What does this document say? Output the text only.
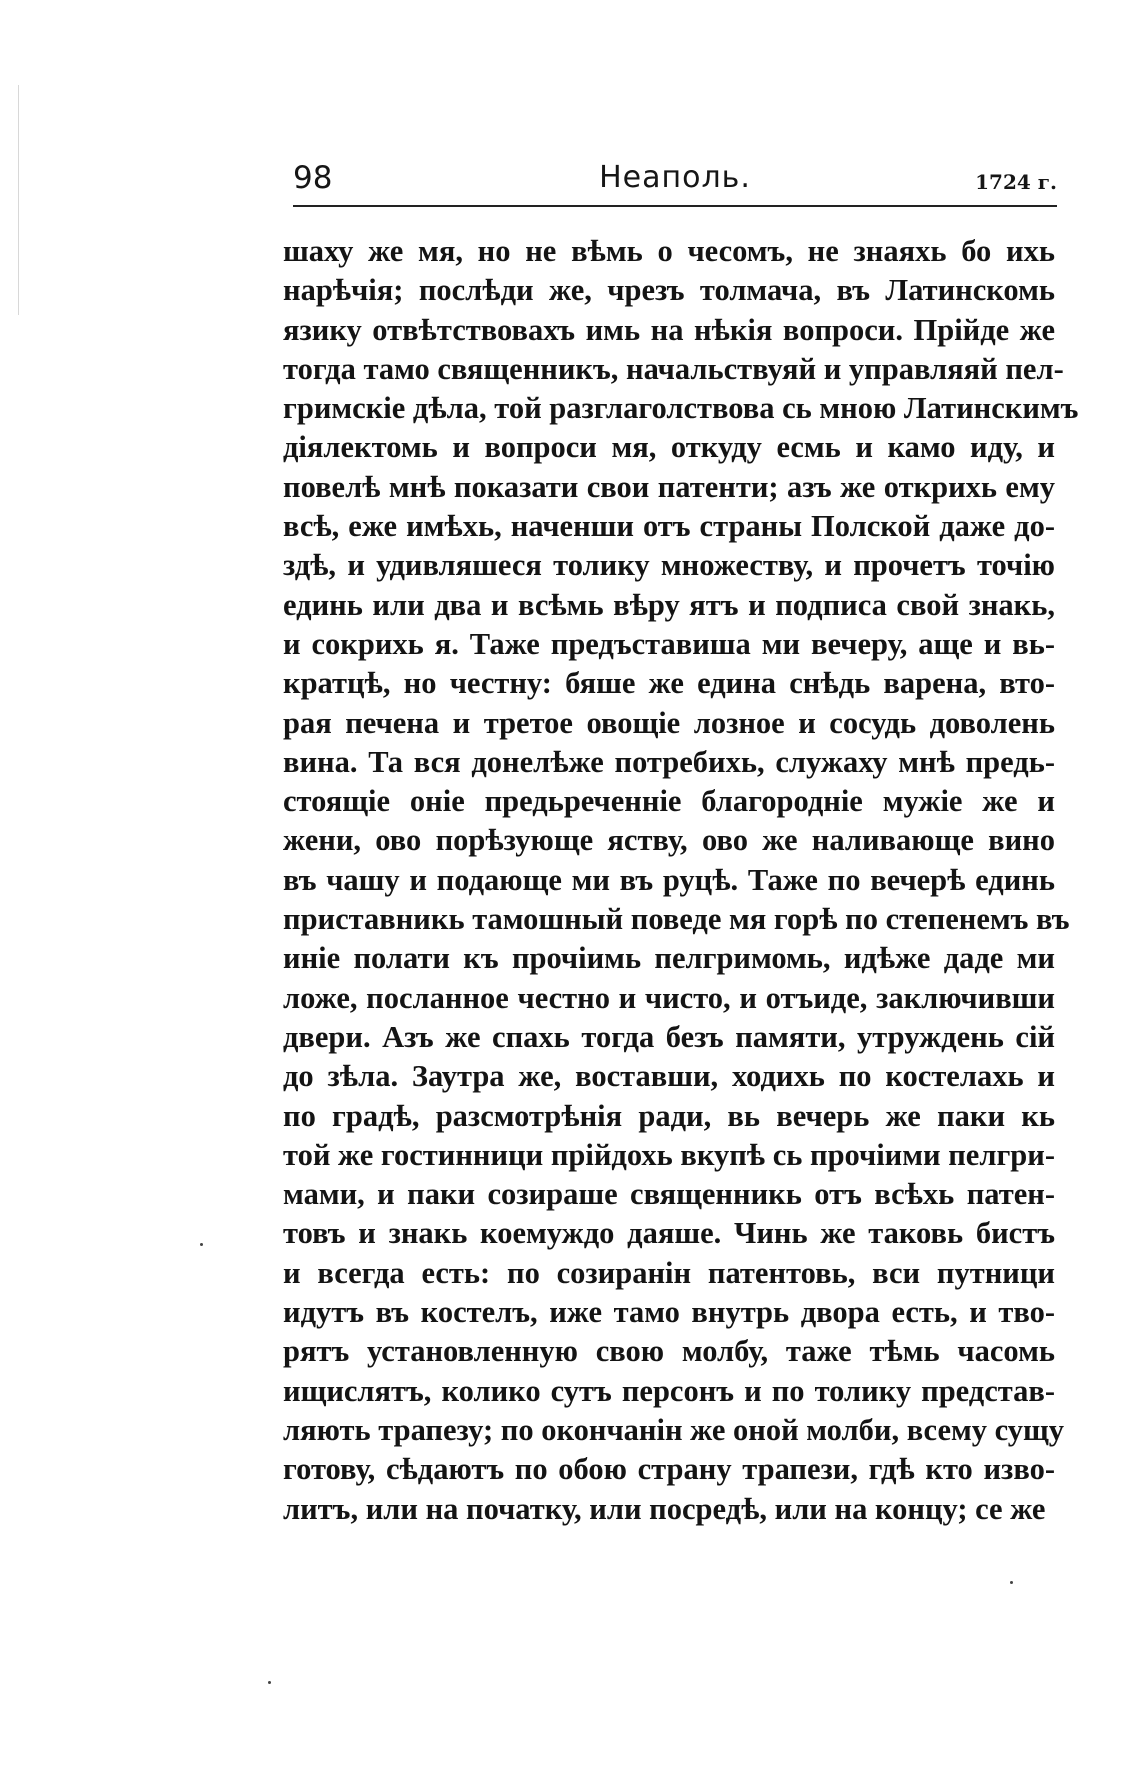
98	Неаполь.	1724 г.
шаху же мя, но не вѣмь о чесомъ, не знаяхь бо ихь
нарѣчія; послѣди же, чрезъ толмача, въ Латинскомь
язику отвѣтствовахъ имь на нѣкія вопроси. Прійде же
тогда тамо священникъ, начальствуяй и управляяй пел-
гримскіе дѣла, той разглаголствова сь мною Латинскимъ
діялектомь и вопроси мя, откуду есмь и камо иду, и
повелѣ мнѣ показати свои патенти; азъ же открихь ему
всѣ, еже имѣхь, наченши отъ страны Полской даже до-
здѣ, и удивляшеся толику множеству, и прочетъ точію
единь или два и всѣмь вѣру ятъ и подписа свой знакь,
и сокрихь я. Таже предъставиша ми вечеру, аще и вь-
кратцѣ, но честну: бяше же едина снѣдь варена, вто-
рая печена и третое овощіе лозное и сосудь доволень
вина. Та вся донелѣже потребихь, служаху мнѣ предь-
стоящіе оніе предьреченніе благородніе мужіе же и
жени, ово порѣзующе яству, ово же наливающе вино
въ чашу и подающе ми въ руцѣ. Таже по вечерѣ единь
приставникь тамошный поведе мя горѣ по степенемъ въ
иніе полати къ прочіимь пелгримомь, идѣже даде ми
ложе, посланное честно и чисто, и отъиде, заключивши
двери. Азъ же спахь тогда безъ памяти, утруждень сій
до зѣла. Заутра же, воставши, ходихь по костелахь и
по градѣ, разсмотрѣнія ради, вь вечерь же паки кь
той же гостинници прійдохь вкупѣ сь прочіими пелгри-
мами, и паки созираше священникь отъ всѣхь патен-
товъ и знакь коемуждо даяше. Чинь же таковь бистъ
и всегда есть: по созиранін патентовь, вси путници
идутъ въ костелъ, иже тамо внутрь двора есть, и тво-
рятъ установленную свою молбу, таже тѣмь часомь
ищислятъ, колико сутъ персонъ и по толику представ-
ляють трапезу; по окончанін же оной молби, всему сущу
готову, сѣдаютъ по обою страну трапези, гдѣ кто изво-
литъ, или на початку, или посредѣ, или на концу; се же
